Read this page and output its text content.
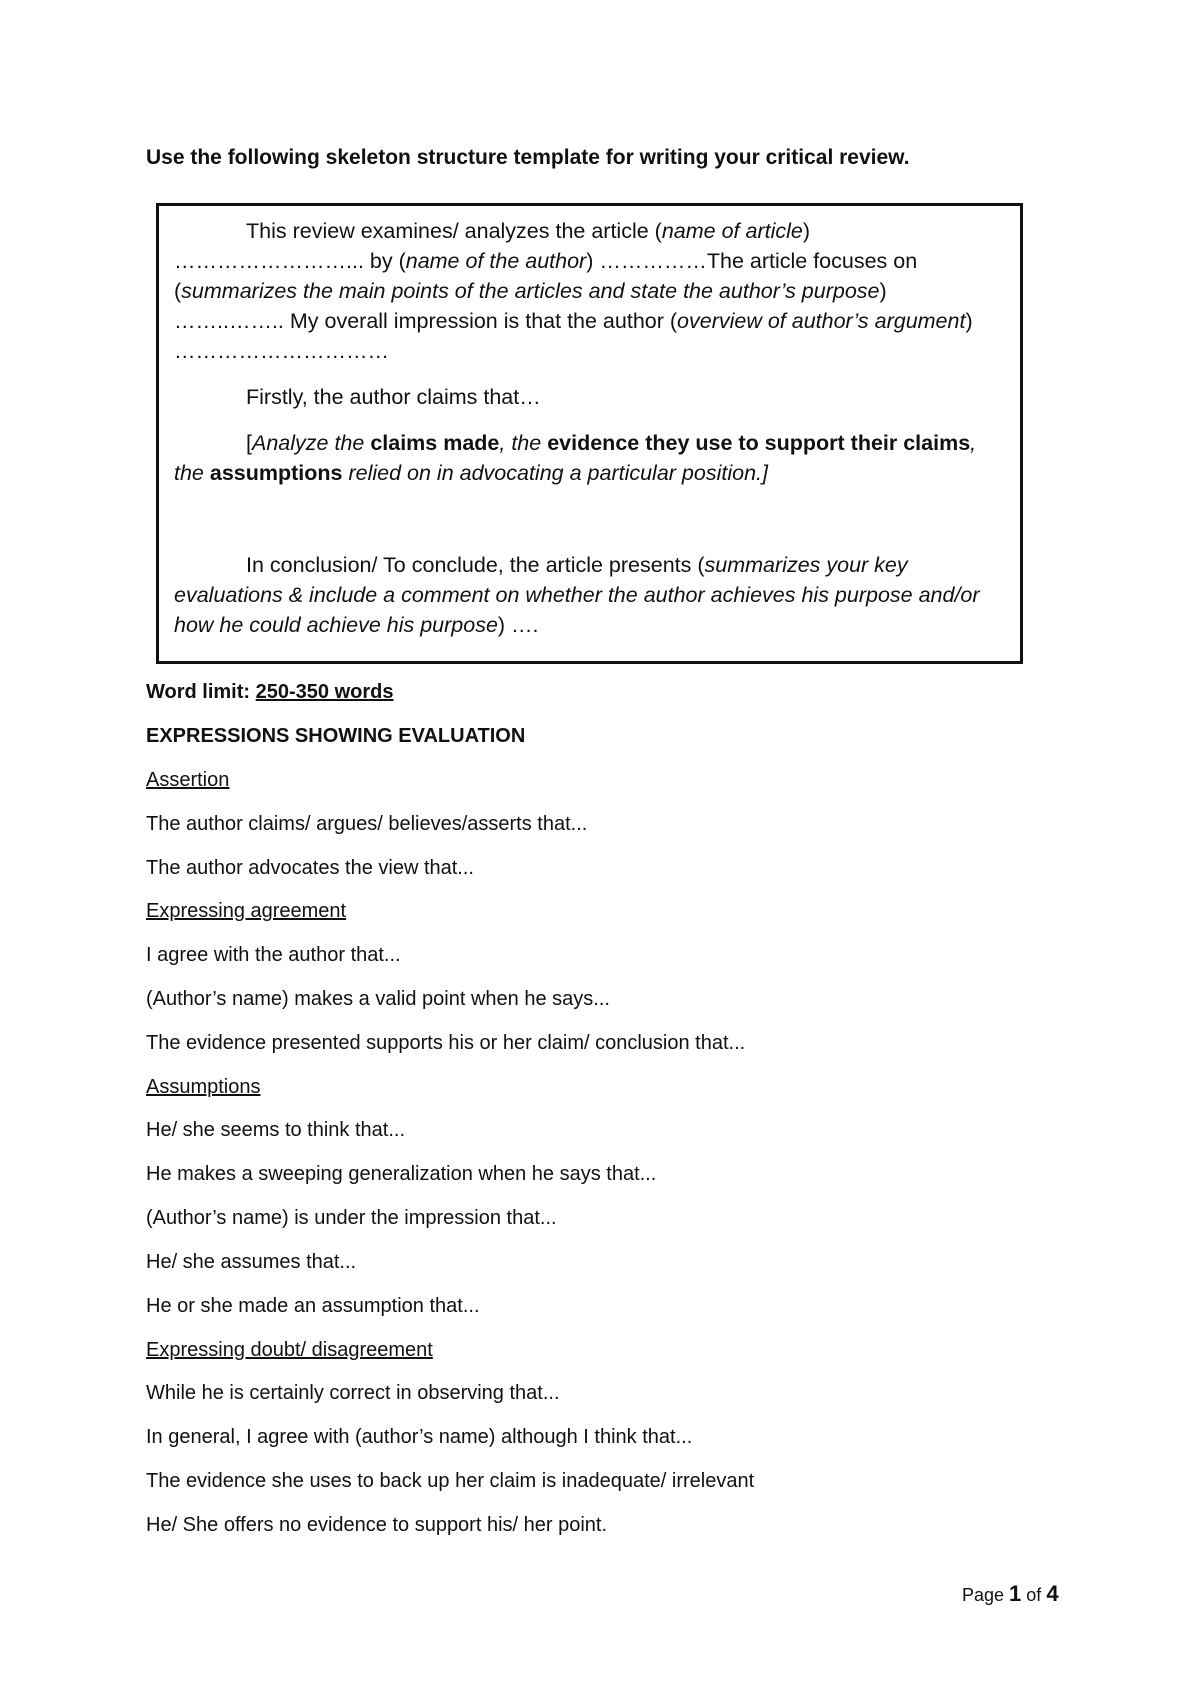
Use the following skeleton structure template for writing your critical review.

This review examines/ analyzes the article (name of article) ……………………... by (name of the author) ……………The article focuses on (summarizes the main points of the articles and state the author’s purpose) ……..…….. My overall impression is that the author (overview of author’s argument) …………………………

Firstly, the author claims that…

[Analyze the claims made, the evidence they use to support their claims, the assumptions relied on in advocating a particular position.]

In conclusion/ To conclude, the article presents (summarizes your key evaluations & include a comment on whether the author achieves his purpose and/or how he could achieve his purpose) ….

Word limit: 250-350 words
EXPRESSIONS SHOWING EVALUATION
Assertion
The author claims/ argues/ believes/asserts that...
The author advocates the view that...
Expressing agreement
I agree with the author that...
(Author’s name) makes a valid point when he says...
The evidence presented supports his or her claim/ conclusion that...
Assumptions
He/ she seems to think that...
He makes a sweeping generalization when he says that...
(Author’s name) is under the impression that...
He/ she assumes that...
He or she made an assumption that...
Expressing doubt/ disagreement
While he is certainly correct in observing that...
In general, I agree with (author’s name) although I think that...
The evidence she uses to back up her claim is inadequate/ irrelevant
He/ She offers no evidence to support his/ her point.
Page 1 of 4
